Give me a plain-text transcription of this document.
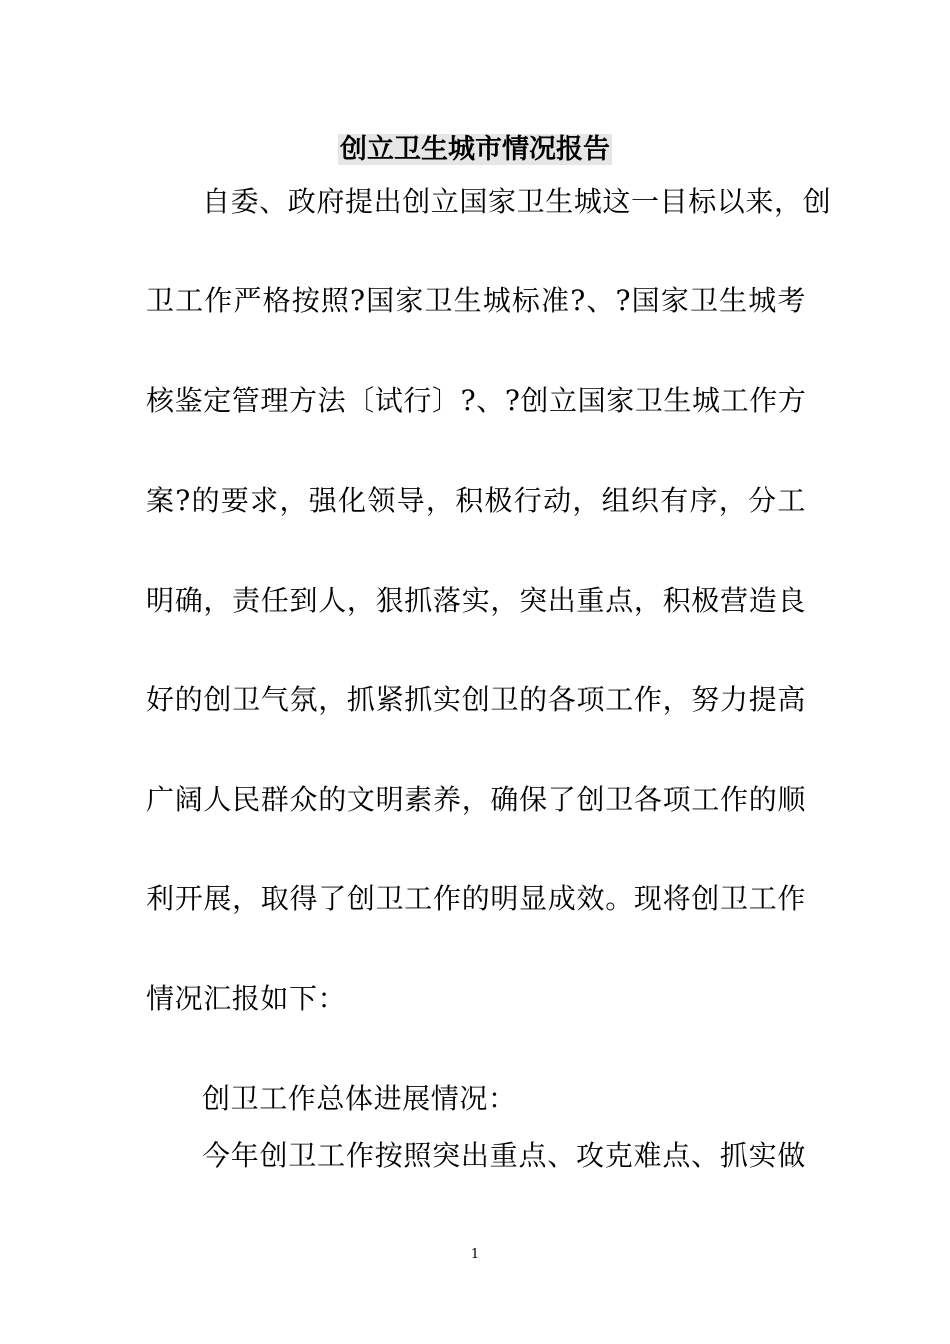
创立卫生城市情况报告
自委、政府提出创立国家卫生城这一目标以来，创
卫工作严格按照?国家卫生城标准?、?国家卫生城考
核鉴定管理方法〔试行〕?、?创立国家卫生城工作方
案?的要求，强化领导，积极行动，组织有序，分工
明确，责任到人，狠抓落实，突出重点，积极营造良
好的创卫气氛，抓紧抓实创卫的各项工作，努力提高
广阔人民群众的文明素养，确保了创卫各项工作的顺
利开展，取得了创卫工作的明显成效。现将创卫工作
情况汇报如下：
创卫工作总体进展情况：
今年创卫工作按照突出重点、攻克难点、抓实做
1
